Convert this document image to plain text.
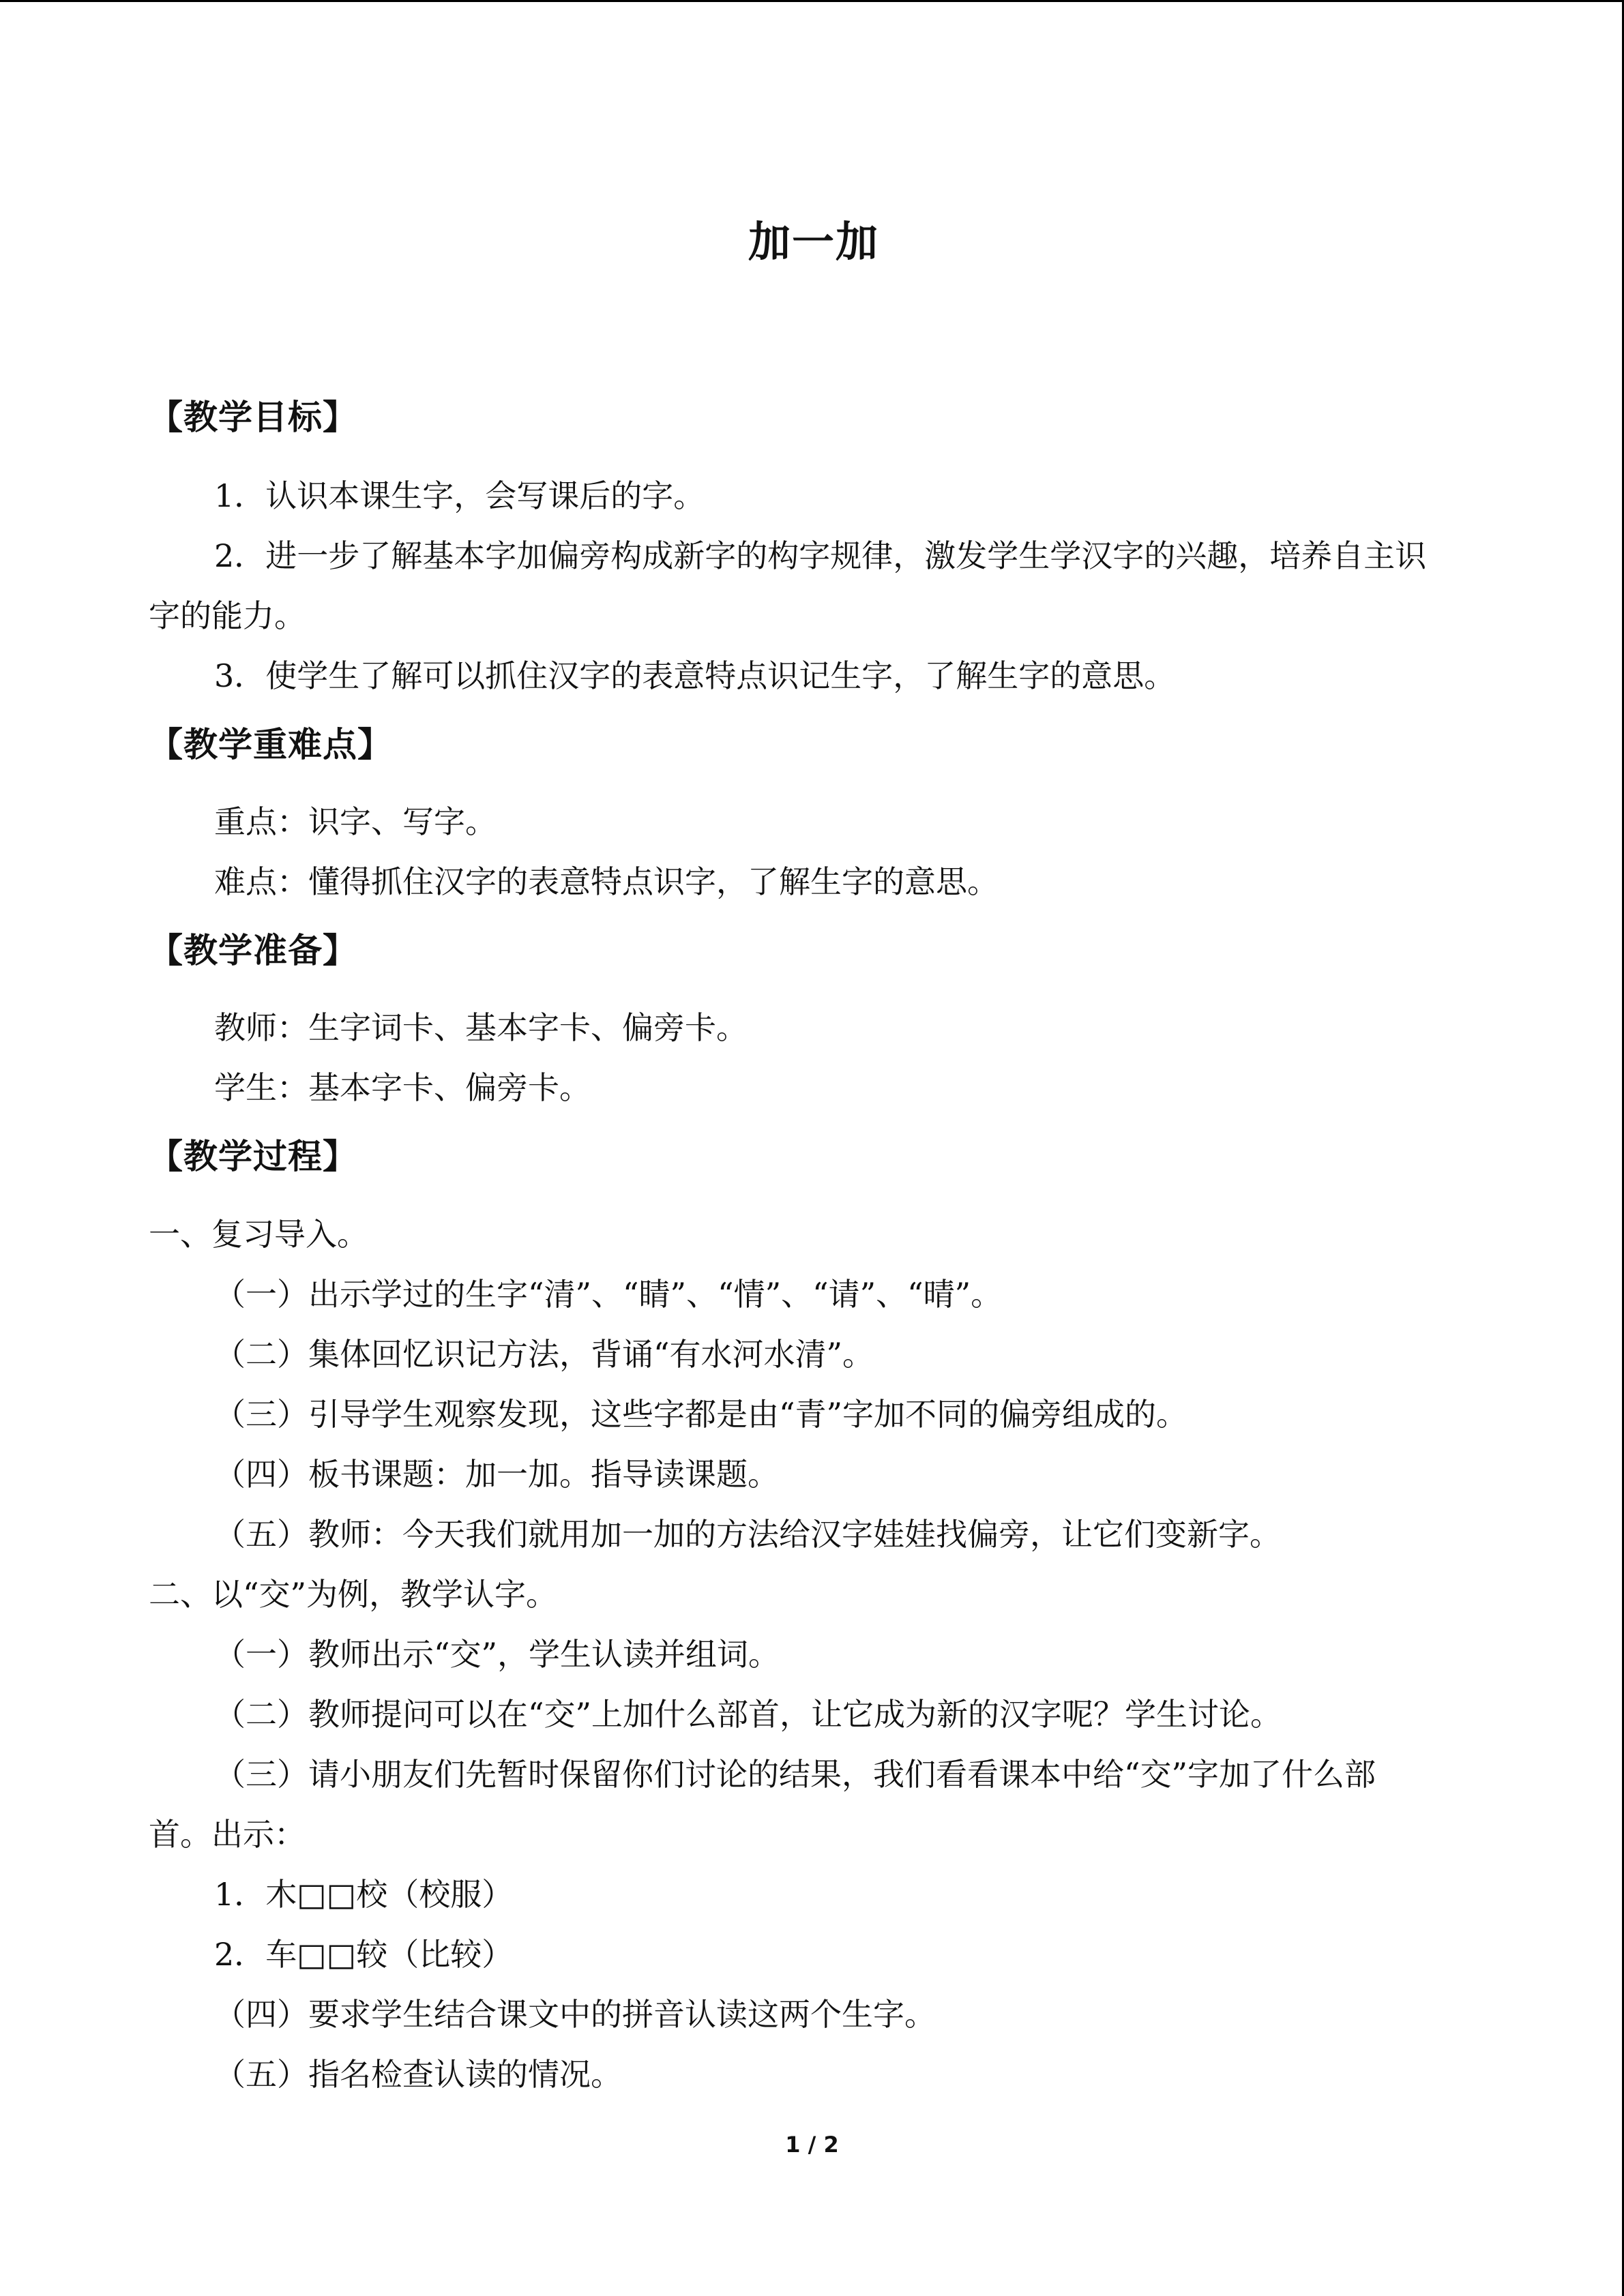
加一加
【教学目标】
1．认识本课生字，会写课后的字。
2．进一步了解基本字加偏旁构成新字的构字规律，激发学生学汉字的兴趣，培养自主识
字的能力。
3．使学生了解可以抓住汉字的表意特点识记生字，了解生字的意思。
【教学重难点】
重点：识字、写字。
难点：懂得抓住汉字的表意特点识字，了解生字的意思。
【教学准备】
教师：生字词卡、基本字卡、偏旁卡。
学生：基本字卡、偏旁卡。
【教学过程】
一、复习导入。
（一）出示学过的生字“清”、“睛”、“情”、“请”、“晴”。
（二）集体回忆识记方法，背诵“有水河水清”。
（三）引导学生观察发现，这些字都是由“青”字加不同的偏旁组成的。
（四）板书课题：加一加。指导读课题。
（五）教师：今天我们就用加一加的方法给汉字娃娃找偏旁，让它们变新字。
二、以“交”为例，教学认字。
（一）教师出示“交”，学生认读并组词。
（二）教师提问可以在“交”上加什么部首，让它成为新的汉字呢？学生讨论。
（三）请小朋友们先暂时保留你们讨论的结果，我们看看课本中给“交”字加了什么部
首。出示：
1．木□□校（校服）
2．车□□较（比较）
（四）要求学生结合课文中的拼音认读这两个生字。
（五）指名检查认读的情况。
1 / 2
